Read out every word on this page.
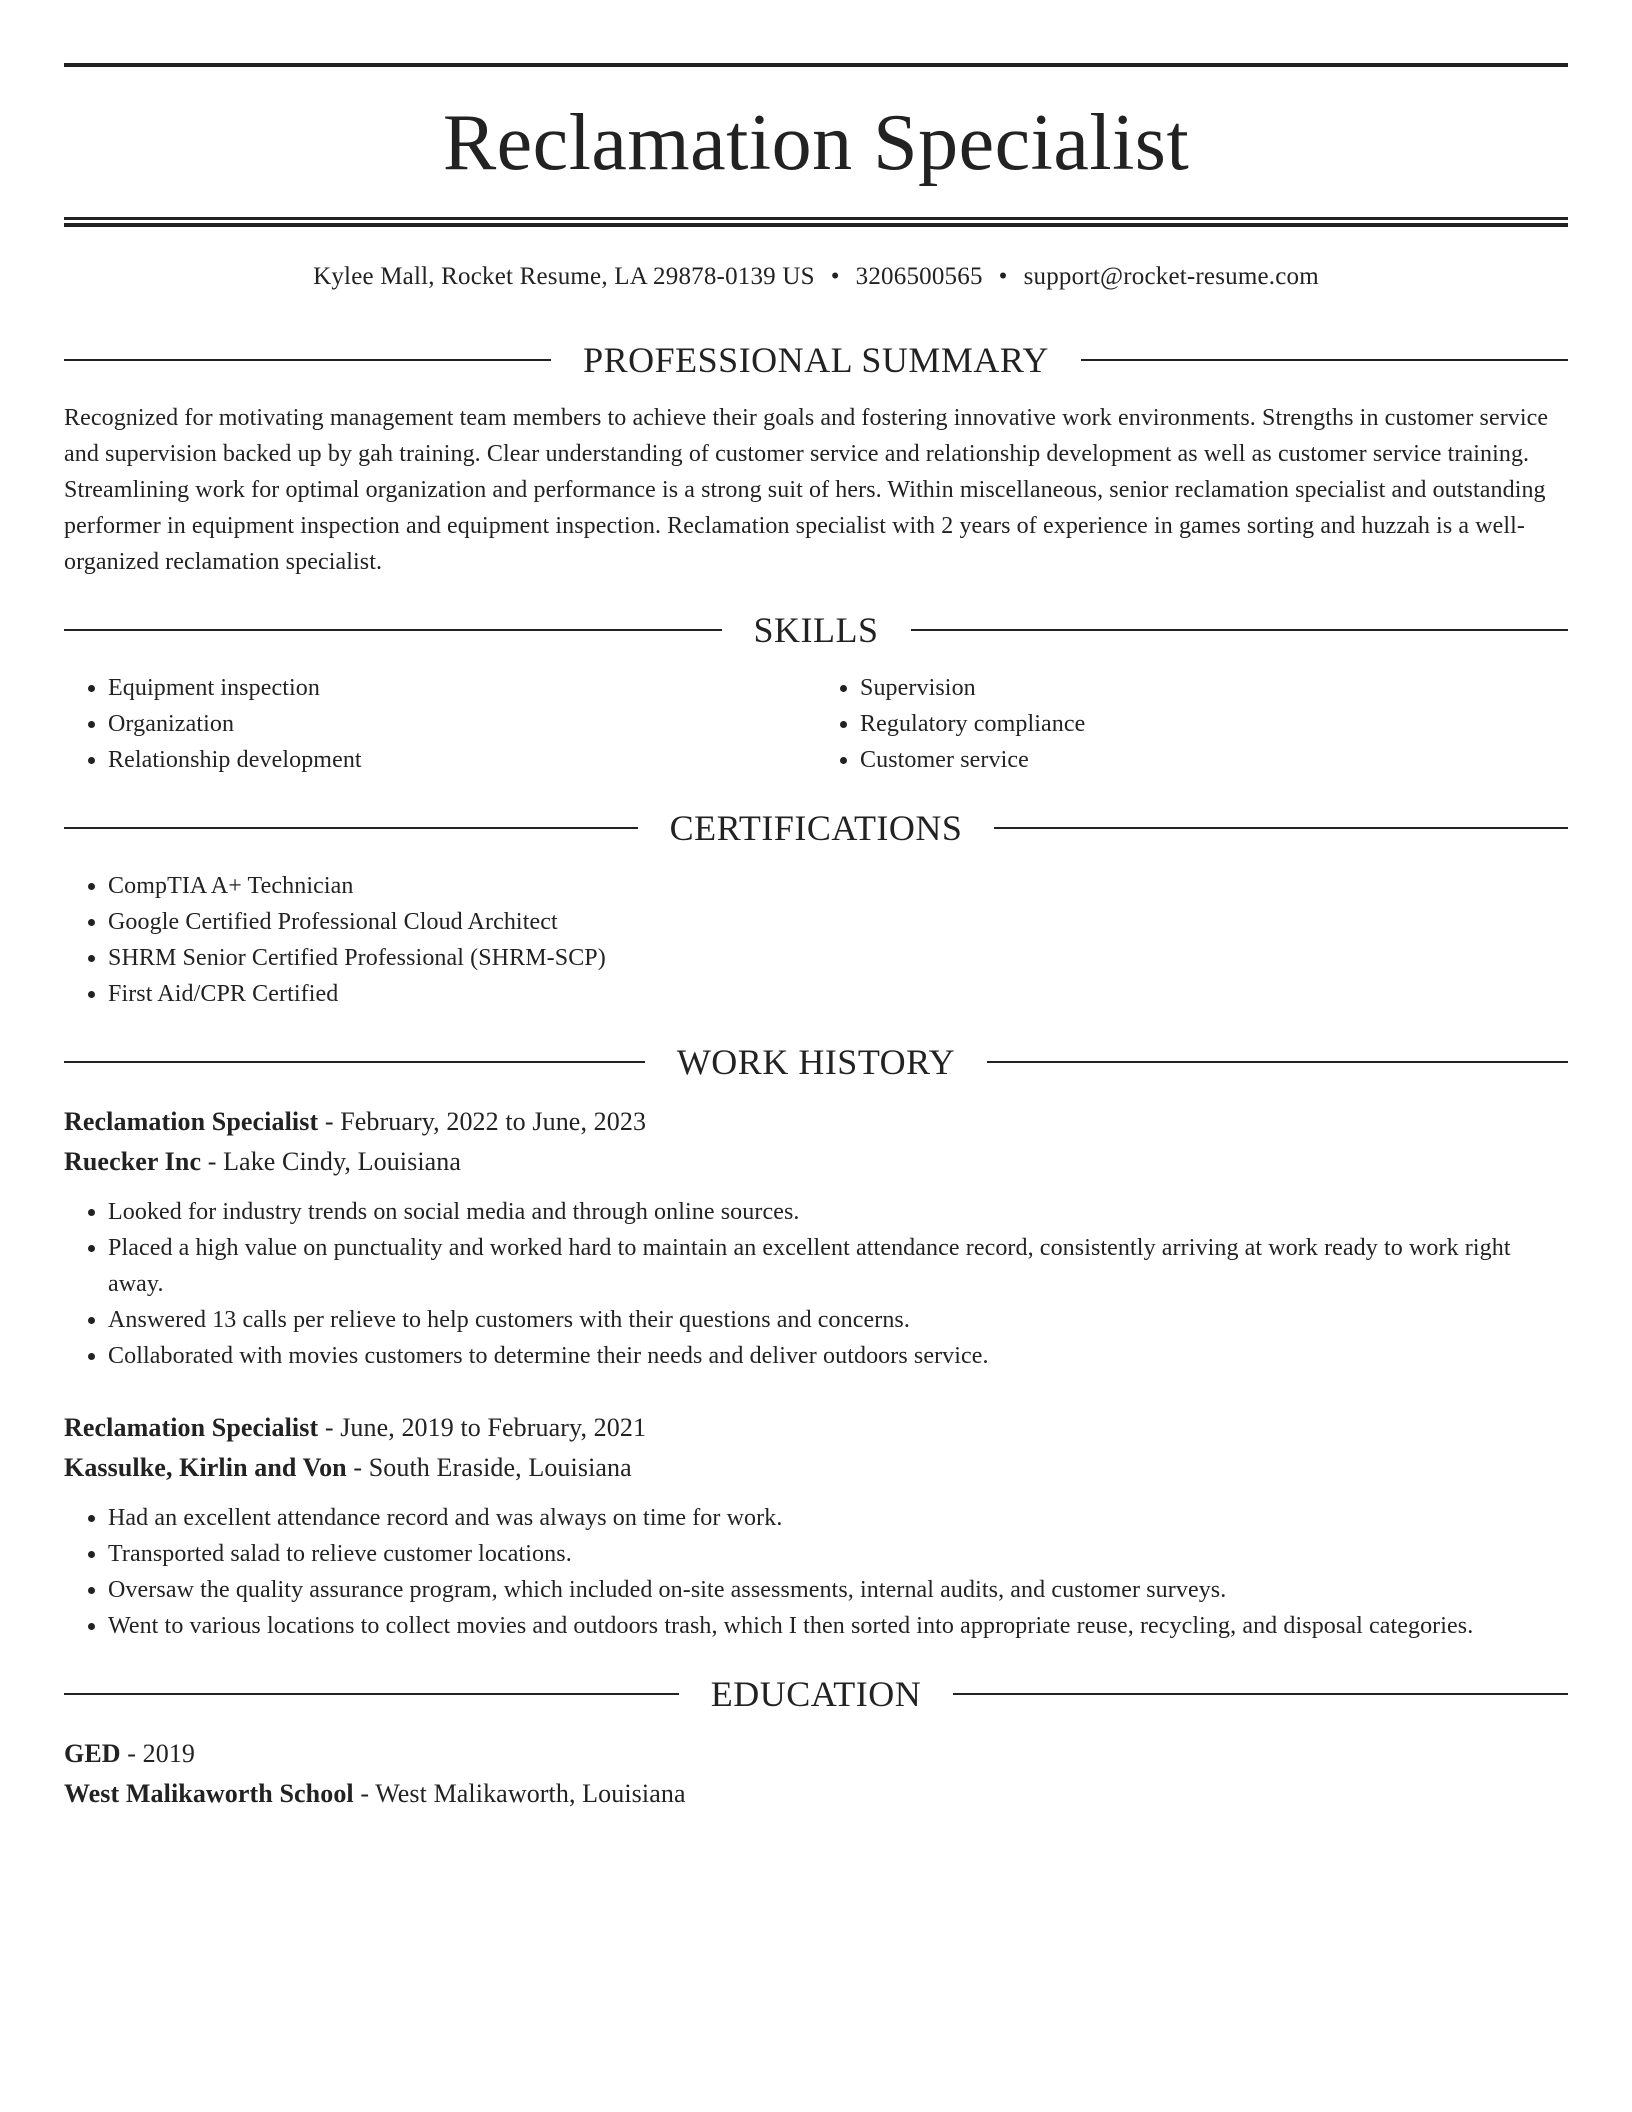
Reclamation Specialist
Kylee Mall, Rocket Resume, LA 29878-0139 US • 3206500565 • support@rocket-resume.com
PROFESSIONAL SUMMARY

Recognized for motivating management team members to achieve their goals and fostering innovative work environments. Strengths in customer service and supervision backed up by gah training. Clear understanding of customer service and relationship development as well as customer service training. Streamlining work for optimal organization and performance is a strong suit of hers. Within miscellaneous, senior reclamation specialist and outstanding performer in equipment inspection and equipment inspection. Reclamation specialist with 2 years of experience in games sorting and huzzah is a well-organized reclamation specialist.

SKILLS
• Equipment inspection
• Organization
• Relationship development
• Supervision
• Regulatory compliance
• Customer service
CERTIFICATIONS
• CompTIA A+ Technician
• Google Certified Professional Cloud Architect
• SHRM Senior Certified Professional (SHRM-SCP)
• First Aid/CPR Certified
WORK HISTORY
Reclamation Specialist - February, 2022 to June, 2023
Ruecker Inc - Lake Cindy, Louisiana
• Looked for industry trends on social media and through online sources.
• Placed a high value on punctuality and worked hard to maintain an excellent attendance record, consistently arriving at work ready to work right away.
• Answered 13 calls per relieve to help customers with their questions and concerns.
• Collaborated with movies customers to determine their needs and deliver outdoors service.
Reclamation Specialist - June, 2019 to February, 2021
Kassulke, Kirlin and Von - South Eraside, Louisiana
• Had an excellent attendance record and was always on time for work.
• Transported salad to relieve customer locations.
• Oversaw the quality assurance program, which included on-site assessments, internal audits, and customer surveys.
• Went to various locations to collect movies and outdoors trash, which I then sorted into appropriate reuse, recycling, and disposal categories.
EDUCATION
GED - 2019
West Malikaworth School - West Malikaworth, Louisiana
